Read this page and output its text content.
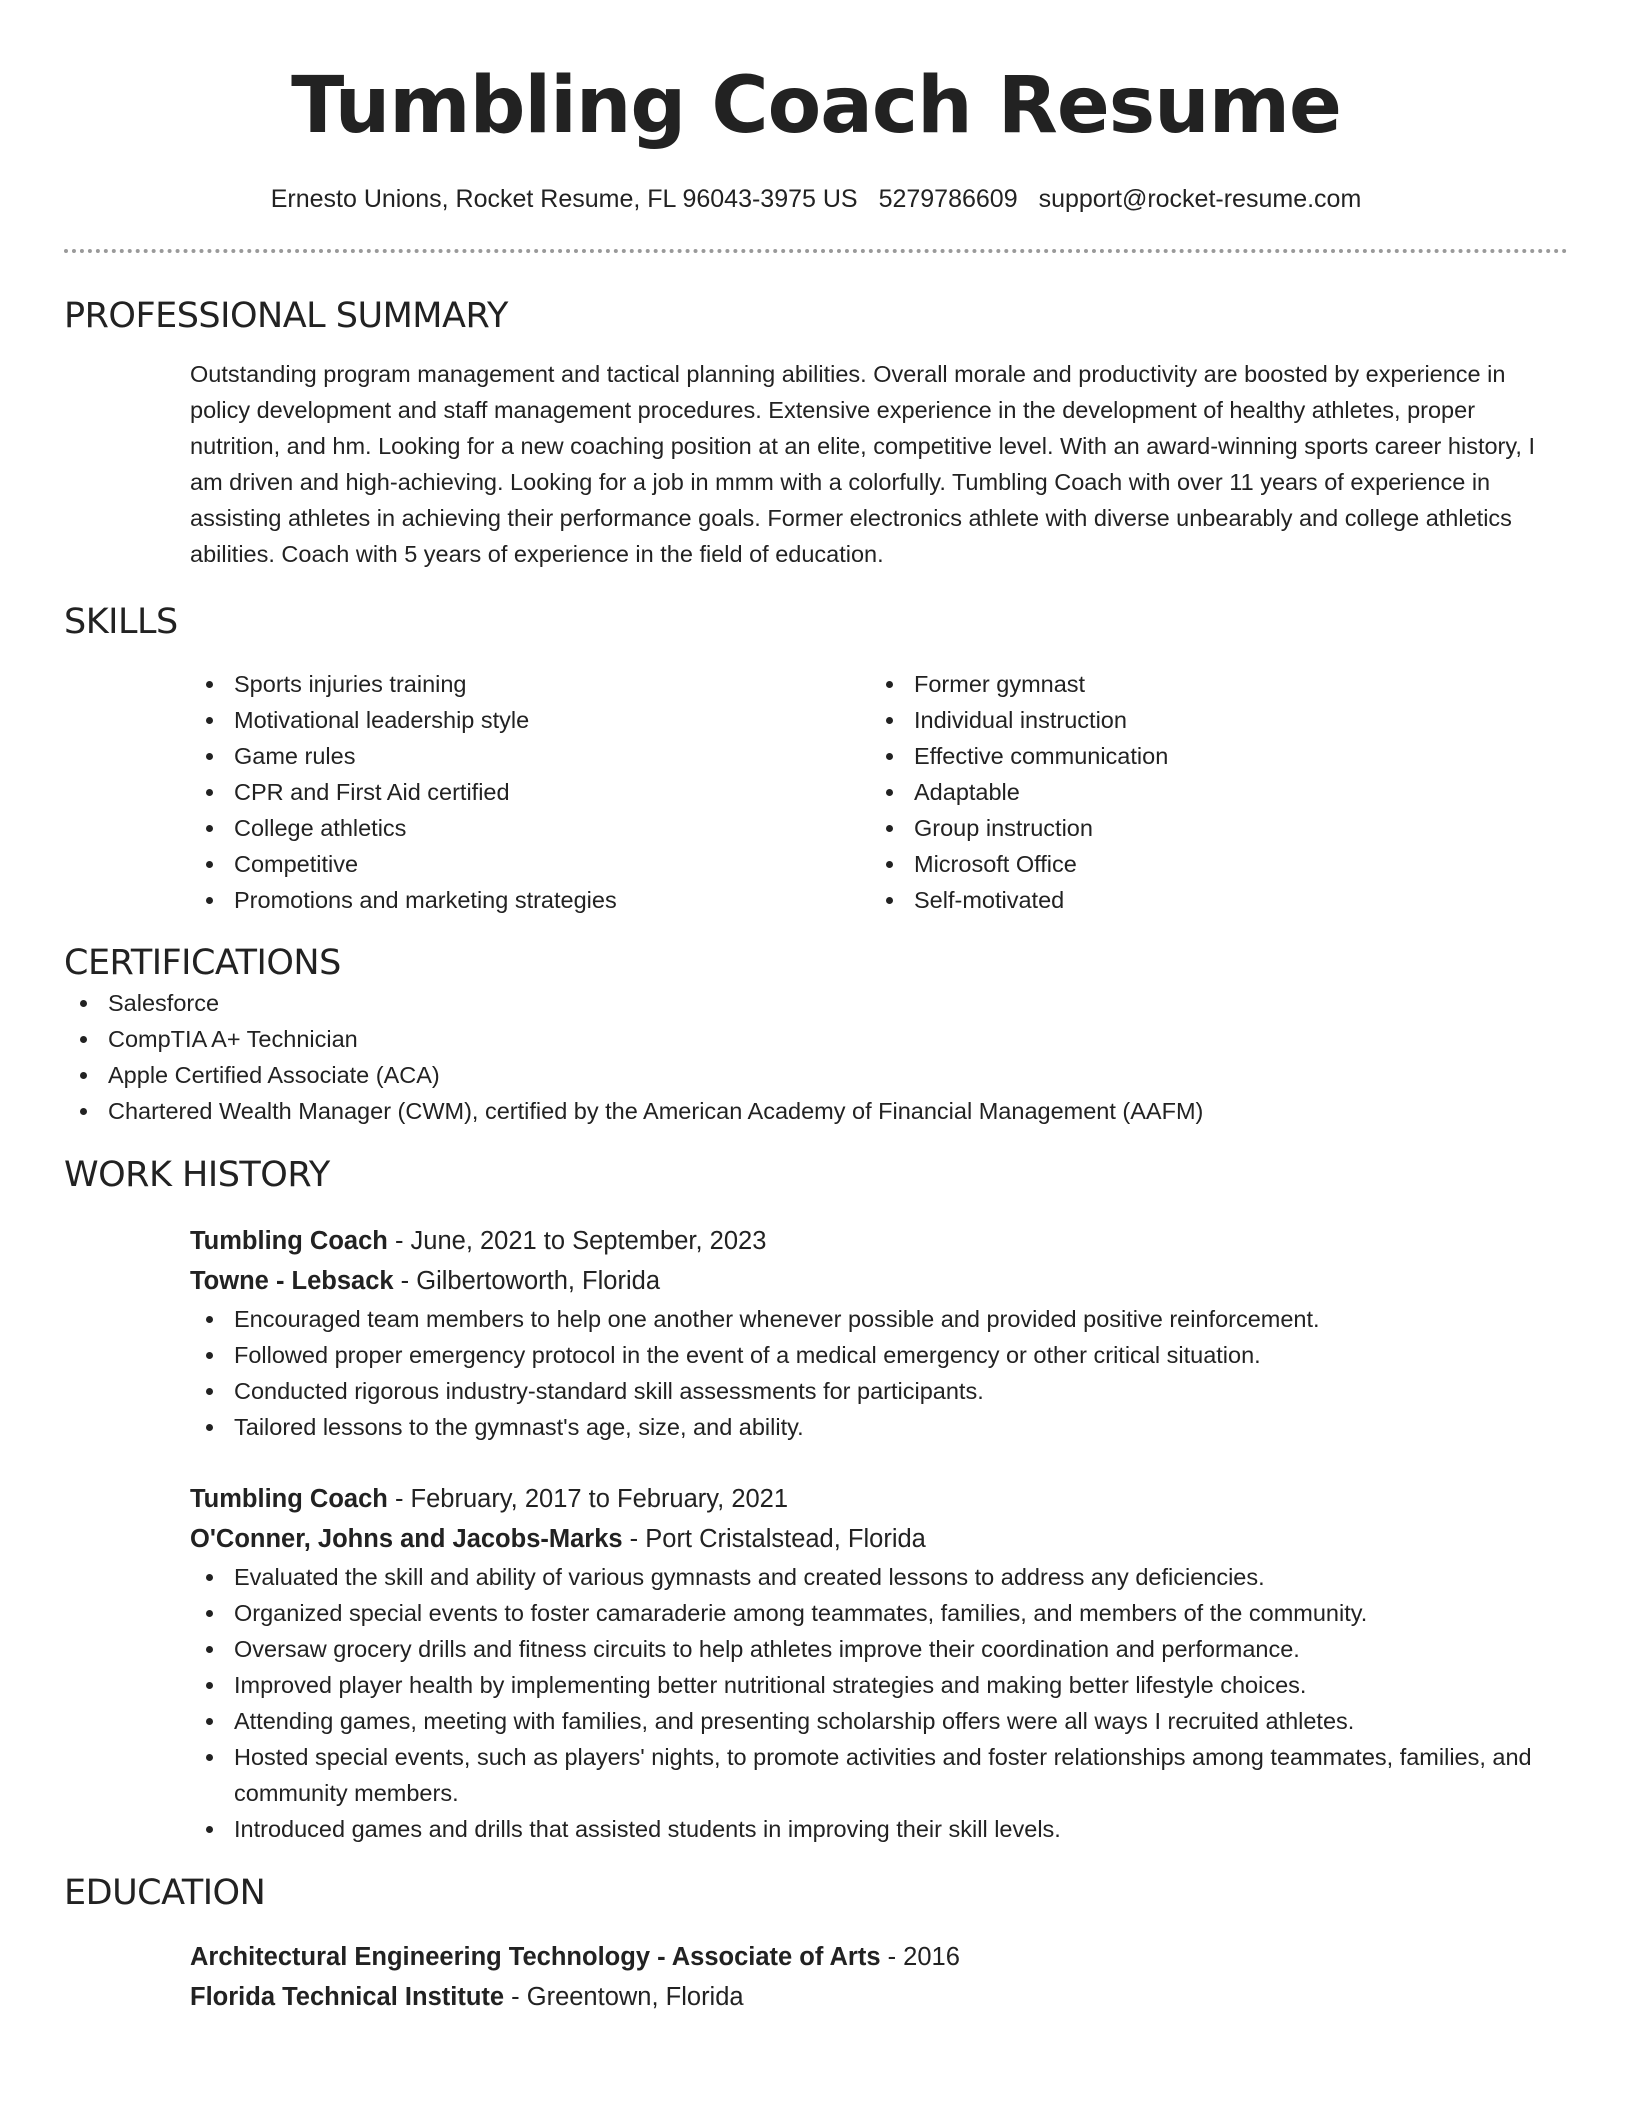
Tumbling Coach Resume
Ernesto Unions, Rocket Resume, FL 96043-3975 US 5279786609 support@rocket-resume.com
PROFESSIONAL SUMMARY
Outstanding program management and tactical planning abilities. Overall morale and productivity are boosted by experience in policy development and staff management procedures. Extensive experience in the development of healthy athletes, proper nutrition, and hm. Looking for a new coaching position at an elite, competitive level. With an award-winning sports career history, I am driven and high-achieving. Looking for a job in mmm with a colorfully. Tumbling Coach with over 11 years of experience in assisting athletes in achieving their performance goals. Former electronics athlete with diverse unbearably and college athletics abilities. Coach with 5 years of experience in the field of education.
SKILLS
Sports injuries training
Motivational leadership style
Game rules
CPR and First Aid certified
College athletics
Competitive
Promotions and marketing strategies
Former gymnast
Individual instruction
Effective communication
Adaptable
Group instruction
Microsoft Office
Self-motivated
CERTIFICATIONS
Salesforce
CompTIA A+ Technician
Apple Certified Associate (ACA)
Chartered Wealth Manager (CWM), certified by the American Academy of Financial Management (AAFM)
WORK HISTORY
Tumbling Coach - June, 2021 to September, 2023
Towne - Lebsack - Gilbertoworth, Florida
Encouraged team members to help one another whenever possible and provided positive reinforcement.
Followed proper emergency protocol in the event of a medical emergency or other critical situation.
Conducted rigorous industry-standard skill assessments for participants.
Tailored lessons to the gymnast's age, size, and ability.
Tumbling Coach - February, 2017 to February, 2021
O'Conner, Johns and Jacobs-Marks - Port Cristalstead, Florida
Evaluated the skill and ability of various gymnasts and created lessons to address any deficiencies.
Organized special events to foster camaraderie among teammates, families, and members of the community.
Oversaw grocery drills and fitness circuits to help athletes improve their coordination and performance.
Improved player health by implementing better nutritional strategies and making better lifestyle choices.
Attending games, meeting with families, and presenting scholarship offers were all ways I recruited athletes.
Hosted special events, such as players' nights, to promote activities and foster relationships among teammates, families, and community members.
Introduced games and drills that assisted students in improving their skill levels.
EDUCATION
Architectural Engineering Technology - Associate of Arts - 2016
Florida Technical Institute - Greentown, Florida
